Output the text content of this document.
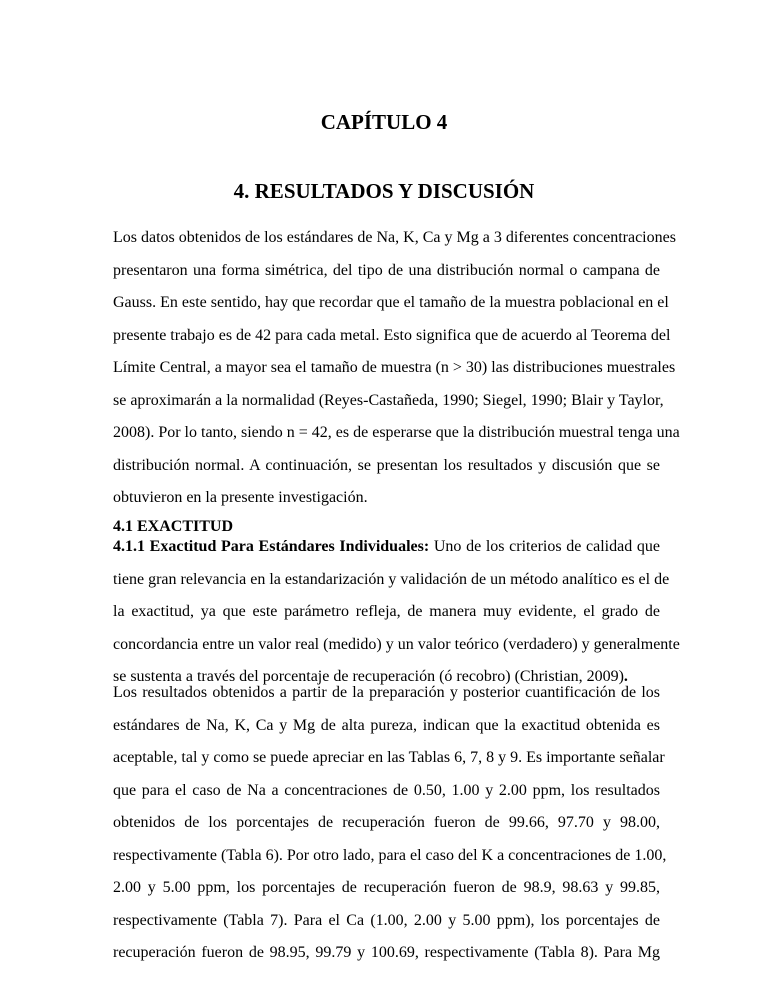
CAPÍTULO 4
4. RESULTADOS Y DISCUSIÓN
Los datos obtenidos de los estándares de Na, K, Ca y Mg a 3 diferentes concentraciones
presentaron una forma simétrica, del tipo de una distribución normal o campana de
Gauss. En este sentido, hay que recordar que el tamaño de la muestra poblacional en el
presente trabajo es de 42 para cada metal. Esto significa que de acuerdo al Teorema del
Límite Central, a mayor sea el tamaño de muestra (n > 30) las distribuciones muestrales
se aproximarán a la normalidad (Reyes-Castañeda, 1990; Siegel, 1990; Blair y Taylor,
2008). Por lo tanto, siendo n = 42, es de esperarse que la distribución muestral tenga una
distribución normal. A continuación, se presentan los resultados y discusión que se
obtuvieron en la presente investigación.
4.1 EXACTITUD
4.1.1 Exactitud Para Estándares Individuales: Uno de los criterios de calidad que
tiene gran relevancia en la estandarización y validación de un método analítico es el de
la exactitud, ya que este parámetro refleja, de manera muy evidente, el grado de
concordancia entre un valor real (medido) y un valor teórico (verdadero) y generalmente
se sustenta a través del porcentaje de recuperación (ó recobro) (Christian, 2009).
Los resultados obtenidos a partir de la preparación y posterior cuantificación de los
estándares de Na, K, Ca y Mg de alta pureza, indican que la exactitud obtenida es
aceptable, tal y como se puede apreciar en las Tablas 6, 7, 8 y 9. Es importante señalar
que para el caso de Na a concentraciones de 0.50, 1.00 y 2.00 ppm, los resultados
obtenidos de los porcentajes de recuperación fueron de 99.66, 97.70 y 98.00,
respectivamente (Tabla 6). Por otro lado, para el caso del K a concentraciones de 1.00,
2.00 y 5.00 ppm, los porcentajes de recuperación fueron de 98.9, 98.63 y 99.85,
respectivamente (Tabla 7). Para el Ca (1.00, 2.00 y 5.00 ppm), los porcentajes de
recuperación fueron de 98.95, 99.79 y 100.69, respectivamente (Tabla 8). Para Mg
